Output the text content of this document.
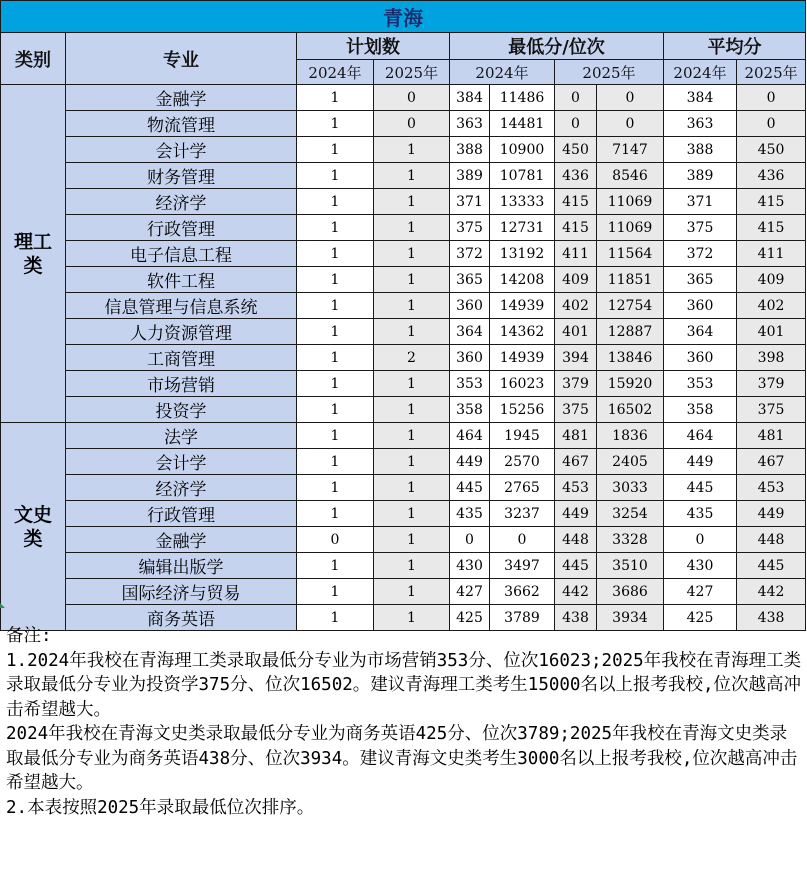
青海									
类别	专业	计划数		最低分/位次				平均分	
		2024年	2025年	2024年		2025年		2024年	2025年

理工
类	金融学	1	0	384	11486	0	0	384	0
	物流管理	1	0	363	14481	0	0	363	0
	会计学	1	1	388	10900	450	7147	388	450
	财务管理	1	1	389	10781	436	8546	389	436
	经济学	1	1	371	13333	415	11069	371	415
	行政管理	1	1	375	12731	415	11069	375	415
	电子信息工程	1	1	372	13192	411	11564	372	411
	软件工程	1	1	365	14208	409	11851	365	409
	信息管理与信息系统	1	1	360	14939	402	12754	360	402
	人力资源管理	1	1	364	14362	401	12887	364	401
	工商管理	1	2	360	14939	394	13846	360	398
	市场营销	1	1	353	16023	379	15920	353	379
	投资学	1	1	358	15256	375	16502	358	375

文史
类	法学	1	1	464	1945	481	1836	464	481
	会计学	1	1	449	2570	467	2405	449	467
	经济学	1	1	445	2765	453	3033	445	453
	行政管理	1	1	435	3237	449	3254	435	449
	金融学	0	1	0	0	448	3328	0	448
	编辑出版学	1	1	430	3497	445	3510	430	445
	国际经济与贸易	1	1	427	3662	442	3686	427	442
	商务英语	1	1	425	3789	438	3934	425	438

备注:

1.2024年我校在青海理工类录取最低分专业为市场营销353分、位次16023;2025年我校在青海理工类录取最低分专业为投资学375分、位次16502。建议青海理工类考生15000名以上报考我校,位次越高冲击希望越大。

2024年我校在青海文史类录取最低分专业为商务英语425分、位次3789;2025年我校在青海文史类录取最低分专业为商务英语438分、位次3934。建议青海文史类考生3000名以上报考我校,位次越高冲击希望越大。

2.本表按照2025年录取最低位次排序。
